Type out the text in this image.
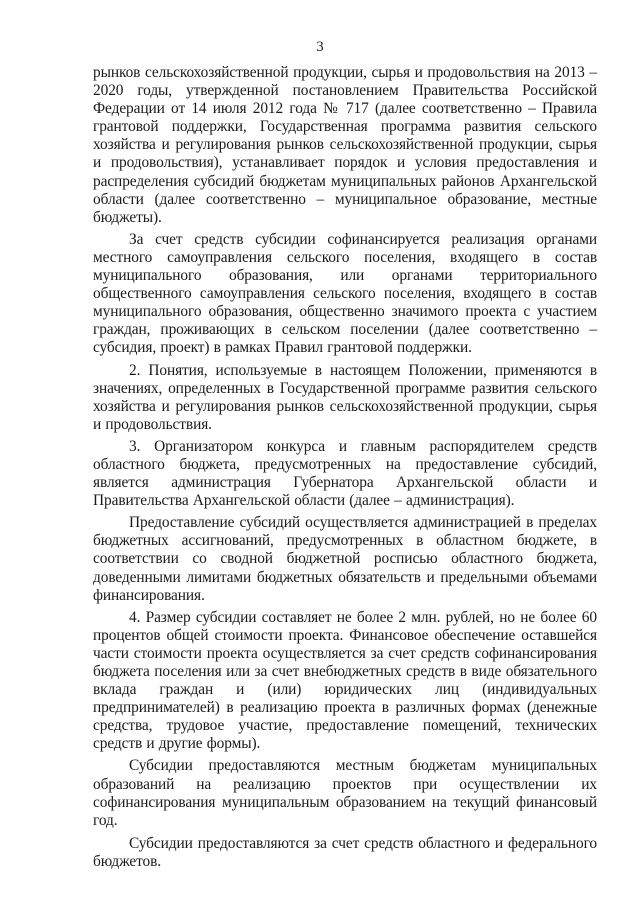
3

рынков сельскохозяйственной продукции, сырья и продовольствия на 2013 – 2020 годы, утвержденной постановлением Правительства Российской Федерации от 14 июля 2012 года № 717 (далее соответственно – Правила грантовой поддержки, Государственная программа развития сельского хозяйства и регулирования рынков сельскохозяйственной продукции, сырья и продовольствия), устанавливает порядок и условия предоставления и распределения субсидий бюджетам муниципальных районов Архангельской области (далее соответственно – муниципальное образование, местные бюджеты).

За счет средств субсидии софинансируется реализация органами местного самоуправления сельского поселения, входящего в состав муниципального образования, или органами территориального общественного самоуправления сельского поселения, входящего в состав муниципального образования, общественно значимого проекта с участием граждан, проживающих в сельском поселении (далее соответственно – субсидия, проект) в рамках Правил грантовой поддержки.

2. Понятия, используемые в настоящем Положении, применяются в значениях, определенных в Государственной программе развития сельского хозяйства и регулирования рынков сельскохозяйственной продукции, сырья и продовольствия.

3. Организатором конкурса и главным распорядителем средств областного бюджета, предусмотренных на предоставление субсидий, является администрация Губернатора Архангельской области и Правительства Архангельской области (далее – администрация).

Предоставление субсидий осуществляется администрацией в пределах бюджетных ассигнований, предусмотренных в областном бюджете, в соответствии со сводной бюджетной росписью областного бюджета, доведенными лимитами бюджетных обязательств и предельными объемами финансирования.

4. Размер субсидии составляет не более 2 млн. рублей, но не более 60 процентов общей стоимости проекта. Финансовое обеспечение оставшейся части стоимости проекта осуществляется за счет средств софинансирования бюджета поселения или за счет внебюджетных средств в виде обязательного вклада граждан и (или) юридических лиц (индивидуальных предпринимателей) в реализацию проекта в различных формах (денежные средства, трудовое участие, предоставление помещений, технических средств и другие формы).

Субсидии предоставляются местным бюджетам муниципальных образований на реализацию проектов при осуществлении их софинансирования муниципальным образованием на текущий финансовый год.

Субсидии предоставляются за счет средств областного и федерального бюджетов.
